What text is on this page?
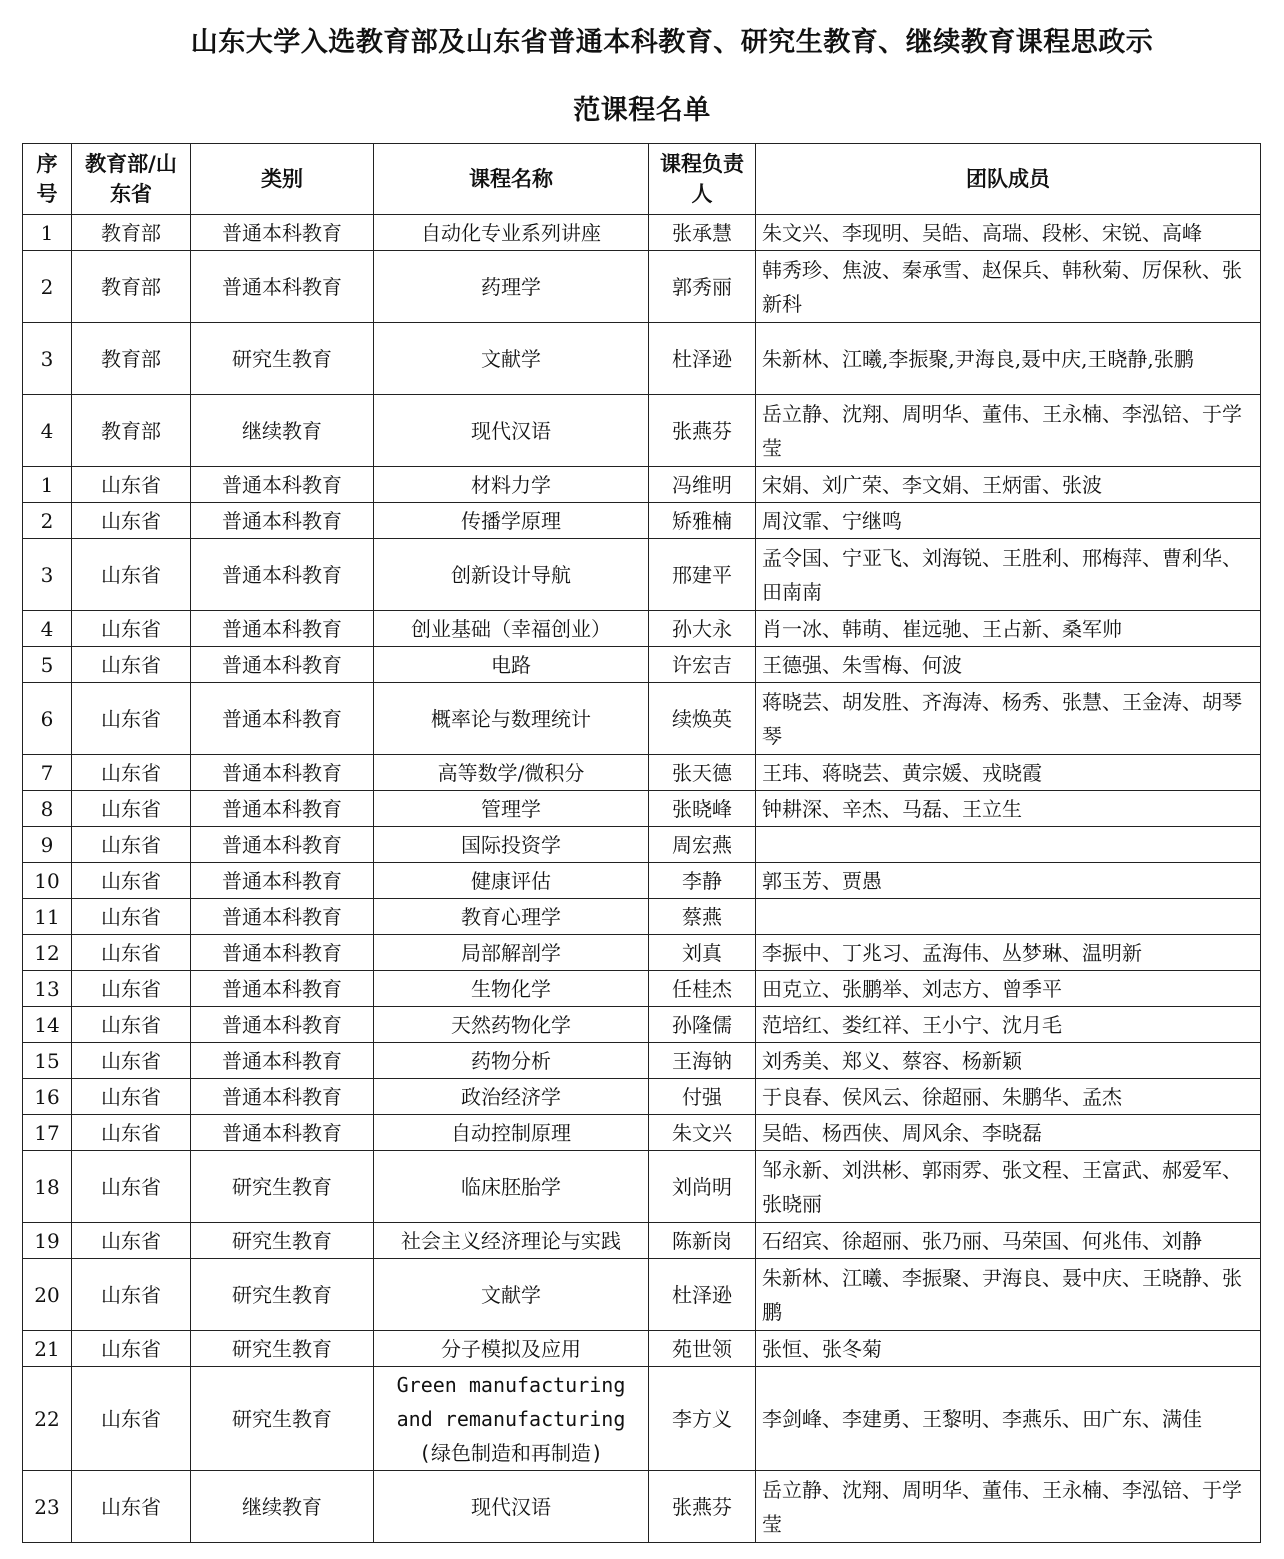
山东大学入选教育部及山东省普通本科教育、研究生教育、继续教育课程思政示
范课程名单
序号	教育部/山东省	类别	课程名称	课程负责人	团队成员
1	教育部	普通本科教育	自动化专业系列讲座	张承慧	朱文兴、李现明、吴皓、高瑞、段彬、宋锐、高峰
2	教育部	普通本科教育	药理学	郭秀丽	韩秀珍、焦波、秦承雪、赵保兵、韩秋菊、厉保秋、张新科
3	教育部	研究生教育	文献学	杜泽逊	朱新林、江曦,李振聚,尹海良,聂中庆,王晓静,张鹏
4	教育部	继续教育	现代汉语	张燕芬	岳立静、沈翔、周明华、董伟、王永楠、李泓锫、于学莹
1	山东省	普通本科教育	材料力学	冯维明	宋娟、刘广荣、李文娟、王炳雷、张波
2	山东省	普通本科教育	传播学原理	矫雅楠	周汶霏、宁继鸣
3	山东省	普通本科教育	创新设计导航	邢建平	孟令国、宁亚飞、刘海锐、王胜利、邢梅萍、曹利华、田南南
4	山东省	普通本科教育	创业基础（幸福创业）	孙大永	肖一冰、韩萌、崔远驰、王占新、桑军帅
5	山东省	普通本科教育	电路	许宏吉	王德强、朱雪梅、何波
6	山东省	普通本科教育	概率论与数理统计	续焕英	蒋晓芸、胡发胜、齐海涛、杨秀、张慧、王金涛、胡琴琴
7	山东省	普通本科教育	高等数学/微积分	张天德	王玮、蒋晓芸、黄宗媛、戎晓霞
8	山东省	普通本科教育	管理学	张晓峰	钟耕深、辛杰、马磊、王立生
9	山东省	普通本科教育	国际投资学	周宏燕	
10	山东省	普通本科教育	健康评估	李静	郭玉芳、贾愚
11	山东省	普通本科教育	教育心理学	蔡燕	
12	山东省	普通本科教育	局部解剖学	刘真	李振中、丁兆习、孟海伟、丛梦琳、温明新
13	山东省	普通本科教育	生物化学	任桂杰	田克立、张鹏举、刘志方、曾季平
14	山东省	普通本科教育	天然药物化学	孙隆儒	范培红、娄红祥、王小宁、沈月毛
15	山东省	普通本科教育	药物分析	王海钠	刘秀美、郑义、蔡容、杨新颖
16	山东省	普通本科教育	政治经济学	付强	于良春、侯风云、徐超丽、朱鹏华、孟杰
17	山东省	普通本科教育	自动控制原理	朱文兴	吴皓、杨西侠、周风余、李晓磊
18	山东省	研究生教育	临床胚胎学	刘尚明	邹永新、刘洪彬、郭雨雰、张文程、王富武、郝爱军、张晓丽
19	山东省	研究生教育	社会主义经济理论与实践	陈新岗	石绍宾、徐超丽、张乃丽、马荣国、何兆伟、刘静
20	山东省	研究生教育	文献学	杜泽逊	朱新林、江曦、李振聚、尹海良、聂中庆、王晓静、张鹏
21	山东省	研究生教育	分子模拟及应用	苑世领	张恒、张冬菊
22	山东省	研究生教育	Green manufacturing and remanufacturing (绿色制造和再制造)	李方义	李剑峰、李建勇、王黎明、李燕乐、田广东、满佳
23	山东省	继续教育	现代汉语	张燕芬	岳立静、沈翔、周明华、董伟、王永楠、李泓锫、于学莹
